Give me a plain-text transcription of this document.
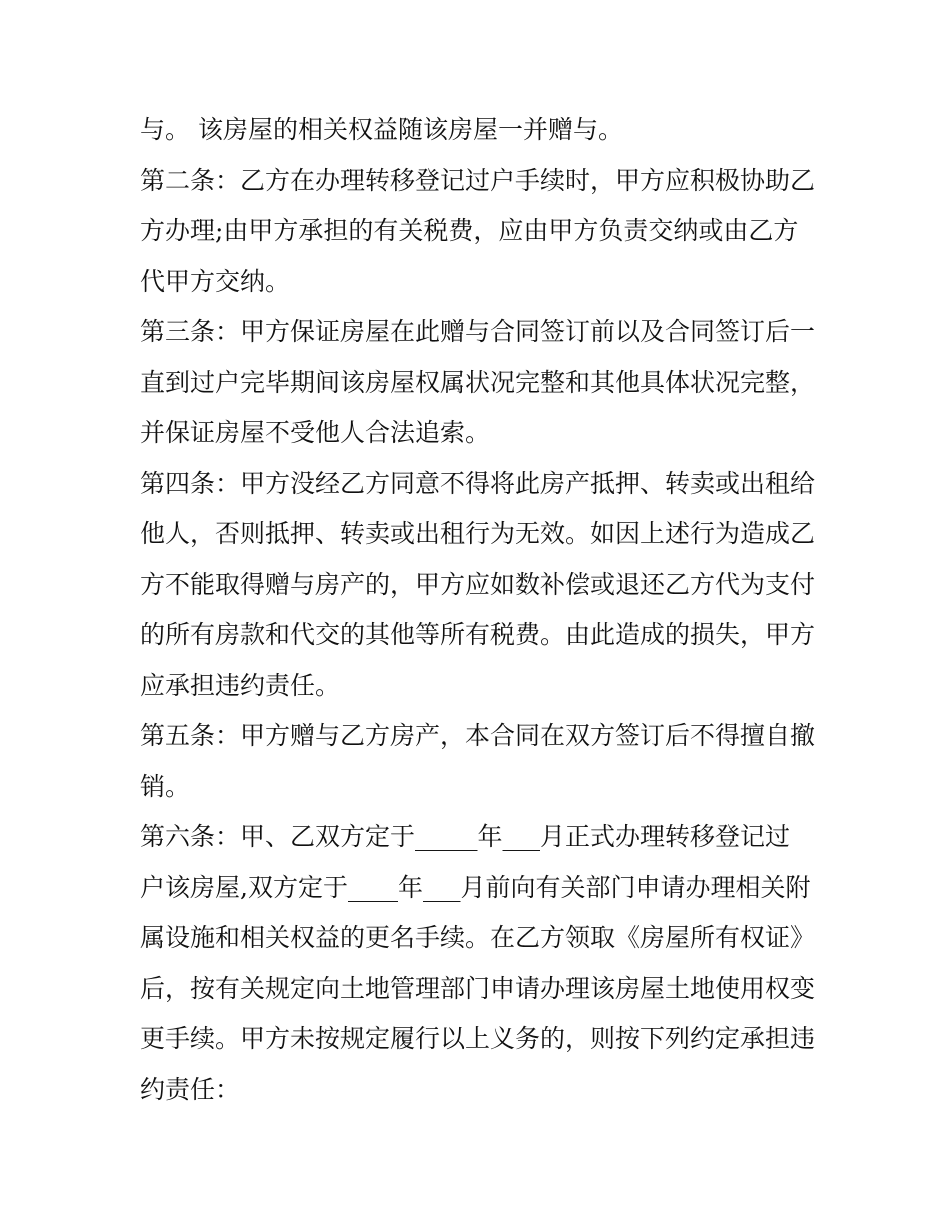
与。 该房屋的相关权益随该房屋一并赠与。
第二条：乙方在办理转移登记过户手续时，甲方应积极协助乙
方办理;由甲方承担的有关税费，应由甲方负责交纳或由乙方
代甲方交纳。
第三条：甲方保证房屋在此赠与合同签订前以及合同签订后一
直到过户完毕期间该房屋权属状况完整和其他具体状况完整，
并保证房屋不受他人合法追索。
第四条：甲方没经乙方同意不得将此房产抵押、转卖或出租给
他人，否则抵押、转卖或出租行为无效。如因上述行为造成乙
方不能取得赠与房产的，甲方应如数补偿或退还乙方代为支付
的所有房款和代交的其他等所有税费。由此造成的损失，甲方
应承担违约责任。
第五条：甲方赠与乙方房产，本合同在双方签订后不得擅自撤
销。
第六条：甲、乙双方定于_____年___月正式办理转移登记过
户该房屋,双方定于____年___月前向有关部门申请办理相关附
属设施和相关权益的更名手续。在乙方领取《房屋所有权证》
后，按有关规定向土地管理部门申请办理该房屋土地使用权变
更手续。甲方未按规定履行以上义务的，则按下列约定承担违
约责任：
